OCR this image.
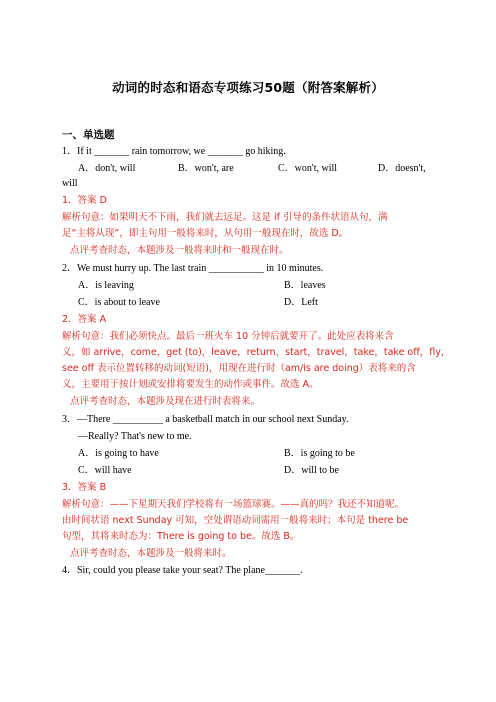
动词的时态和语态专项练习50题（附答案解析）
一、单选题
1．If it _______ rain tomorrow, we _______ go hiking.
A．don't, will	B．won't, are	C．won't, will	D．doesn't,
will
1．答案 D
解析句意：如果明天不下雨，我们就去远足。这是 if 引导的条件状语从句，满
足“主将从现”，即主句用一般将来时，从句用一般现在时，故选 D。
点评考查时态，本题涉及一般将来时和一般现在时。
2．We must hurry up. The last train ___________ in 10 minutes.
A．is leaving	B．leaves
C．is about to leave	D．Left
2．答案 A
解析句意：我们必须快点。最后一班火车 10 分钟后就要开了。此处应表将来含
义，如 arrive，come，get (to)，leave，return，start，travel，take，take off，fly，
see off 表示位置转移的动词(短语)，用现在进行时（am/is are doing）表将来的含
义，主要用于按计划或安排将要发生的动作或事件。故选 A。
点评考查时态，本题涉及现在进行时表将来。
3．—There __________ a basketball match in our school next Sunday.
—Really? That's new to me.
A．is going to have	B．is going to be
C．will have	D．will to be
3．答案 B
解析句意：——下星期天我们学校将有一场篮球赛。——真的吗？我还不知道呢。
由时间状语 next Sunday 可知，空处谓语动词需用一般将来时；本句是 there be
句型，其将来时态为：There is going to be。故选 B。
点评考查时态，本题涉及一般将来时。
4．Sir, could you please take your seat? The plane_______.
